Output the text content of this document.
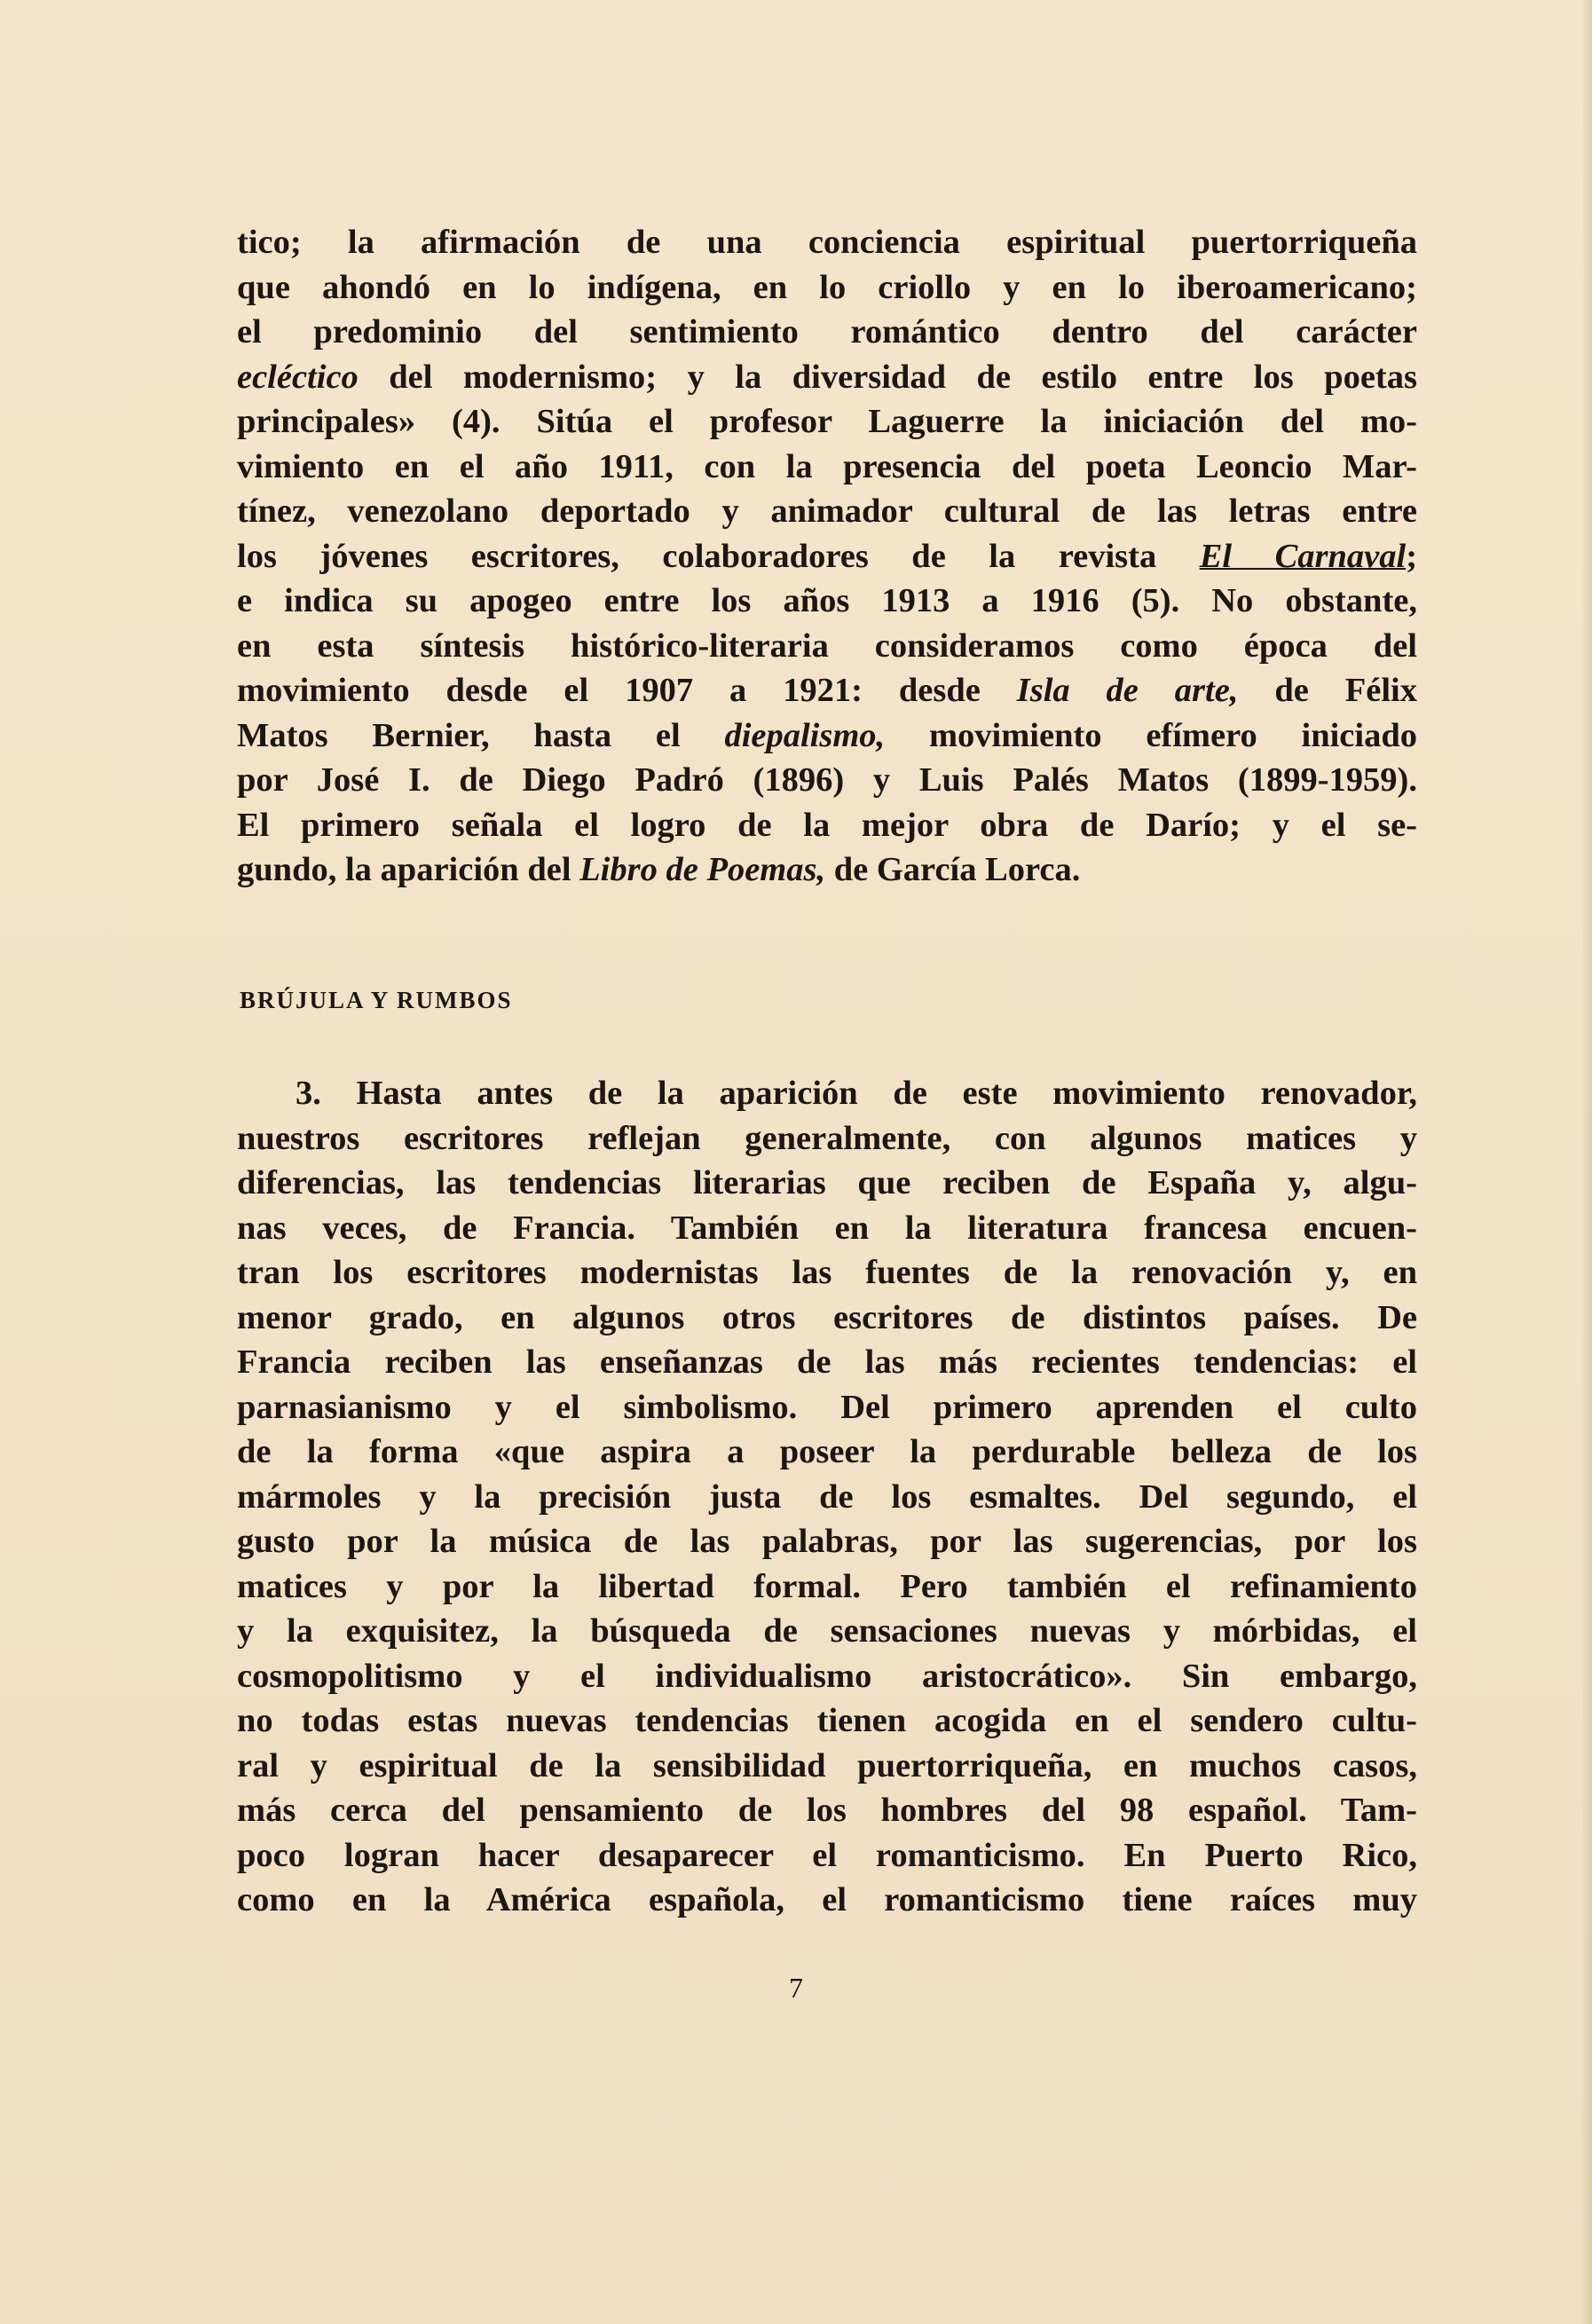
tico; la afirmación de una conciencia espiritual puertorriqueña
que ahondó en lo indígena, en lo criollo y en lo iberoamericano;
el predominio del sentimiento romántico dentro del carácter
ecléctico del modernismo; y la diversidad de estilo entre los poetas
principales» (4). Sitúa el profesor Laguerre la iniciación del mo-
vimiento en el año 1911, con la presencia del poeta Leoncio Mar-
tínez, venezolano deportado y animador cultural de las letras entre
los jóvenes escritores, colaboradores de la revista El Carnaval;
e indica su apogeo entre los años 1913 a 1916 (5). No obstante,
en esta síntesis histórico-literaria consideramos como época del
movimiento desde el 1907 a 1921: desde Isla de arte, de Félix
Matos Bernier, hasta el diepalismo, movimiento efímero iniciado
por José I. de Diego Padró (1896) y Luis Palés Matos (1899-1959).
El primero señala el logro de la mejor obra de Darío; y el se-
gundo, la aparición del Libro de Poemas, de García Lorca.
BRÚJULA Y RUMBOS
3. Hasta antes de la aparición de este movimiento renovador,
nuestros escritores reflejan generalmente, con algunos matices y
diferencias, las tendencias literarias que reciben de España y, algu-
nas veces, de Francia. También en la literatura francesa encuen-
tran los escritores modernistas las fuentes de la renovación y, en
menor grado, en algunos otros escritores de distintos países. De
Francia reciben las enseñanzas de las más recientes tendencias: el
parnasianismo y el simbolismo. Del primero aprenden el culto
de la forma «que aspira a poseer la perdurable belleza de los
mármoles y la precisión justa de los esmaltes. Del segundo, el
gusto por la música de las palabras, por las sugerencias, por los
matices y por la libertad formal. Pero también el refinamiento
y la exquisitez, la búsqueda de sensaciones nuevas y mórbidas, el
cosmopolitismo y el individualismo aristocrático». Sin embargo,
no todas estas nuevas tendencias tienen acogida en el sendero cultu-
ral y espiritual de la sensibilidad puertorriqueña, en muchos casos,
más cerca del pensamiento de los hombres del 98 español. Tam-
poco logran hacer desaparecer el romanticismo. En Puerto Rico,
como en la América española, el romanticismo tiene raíces muy
7
